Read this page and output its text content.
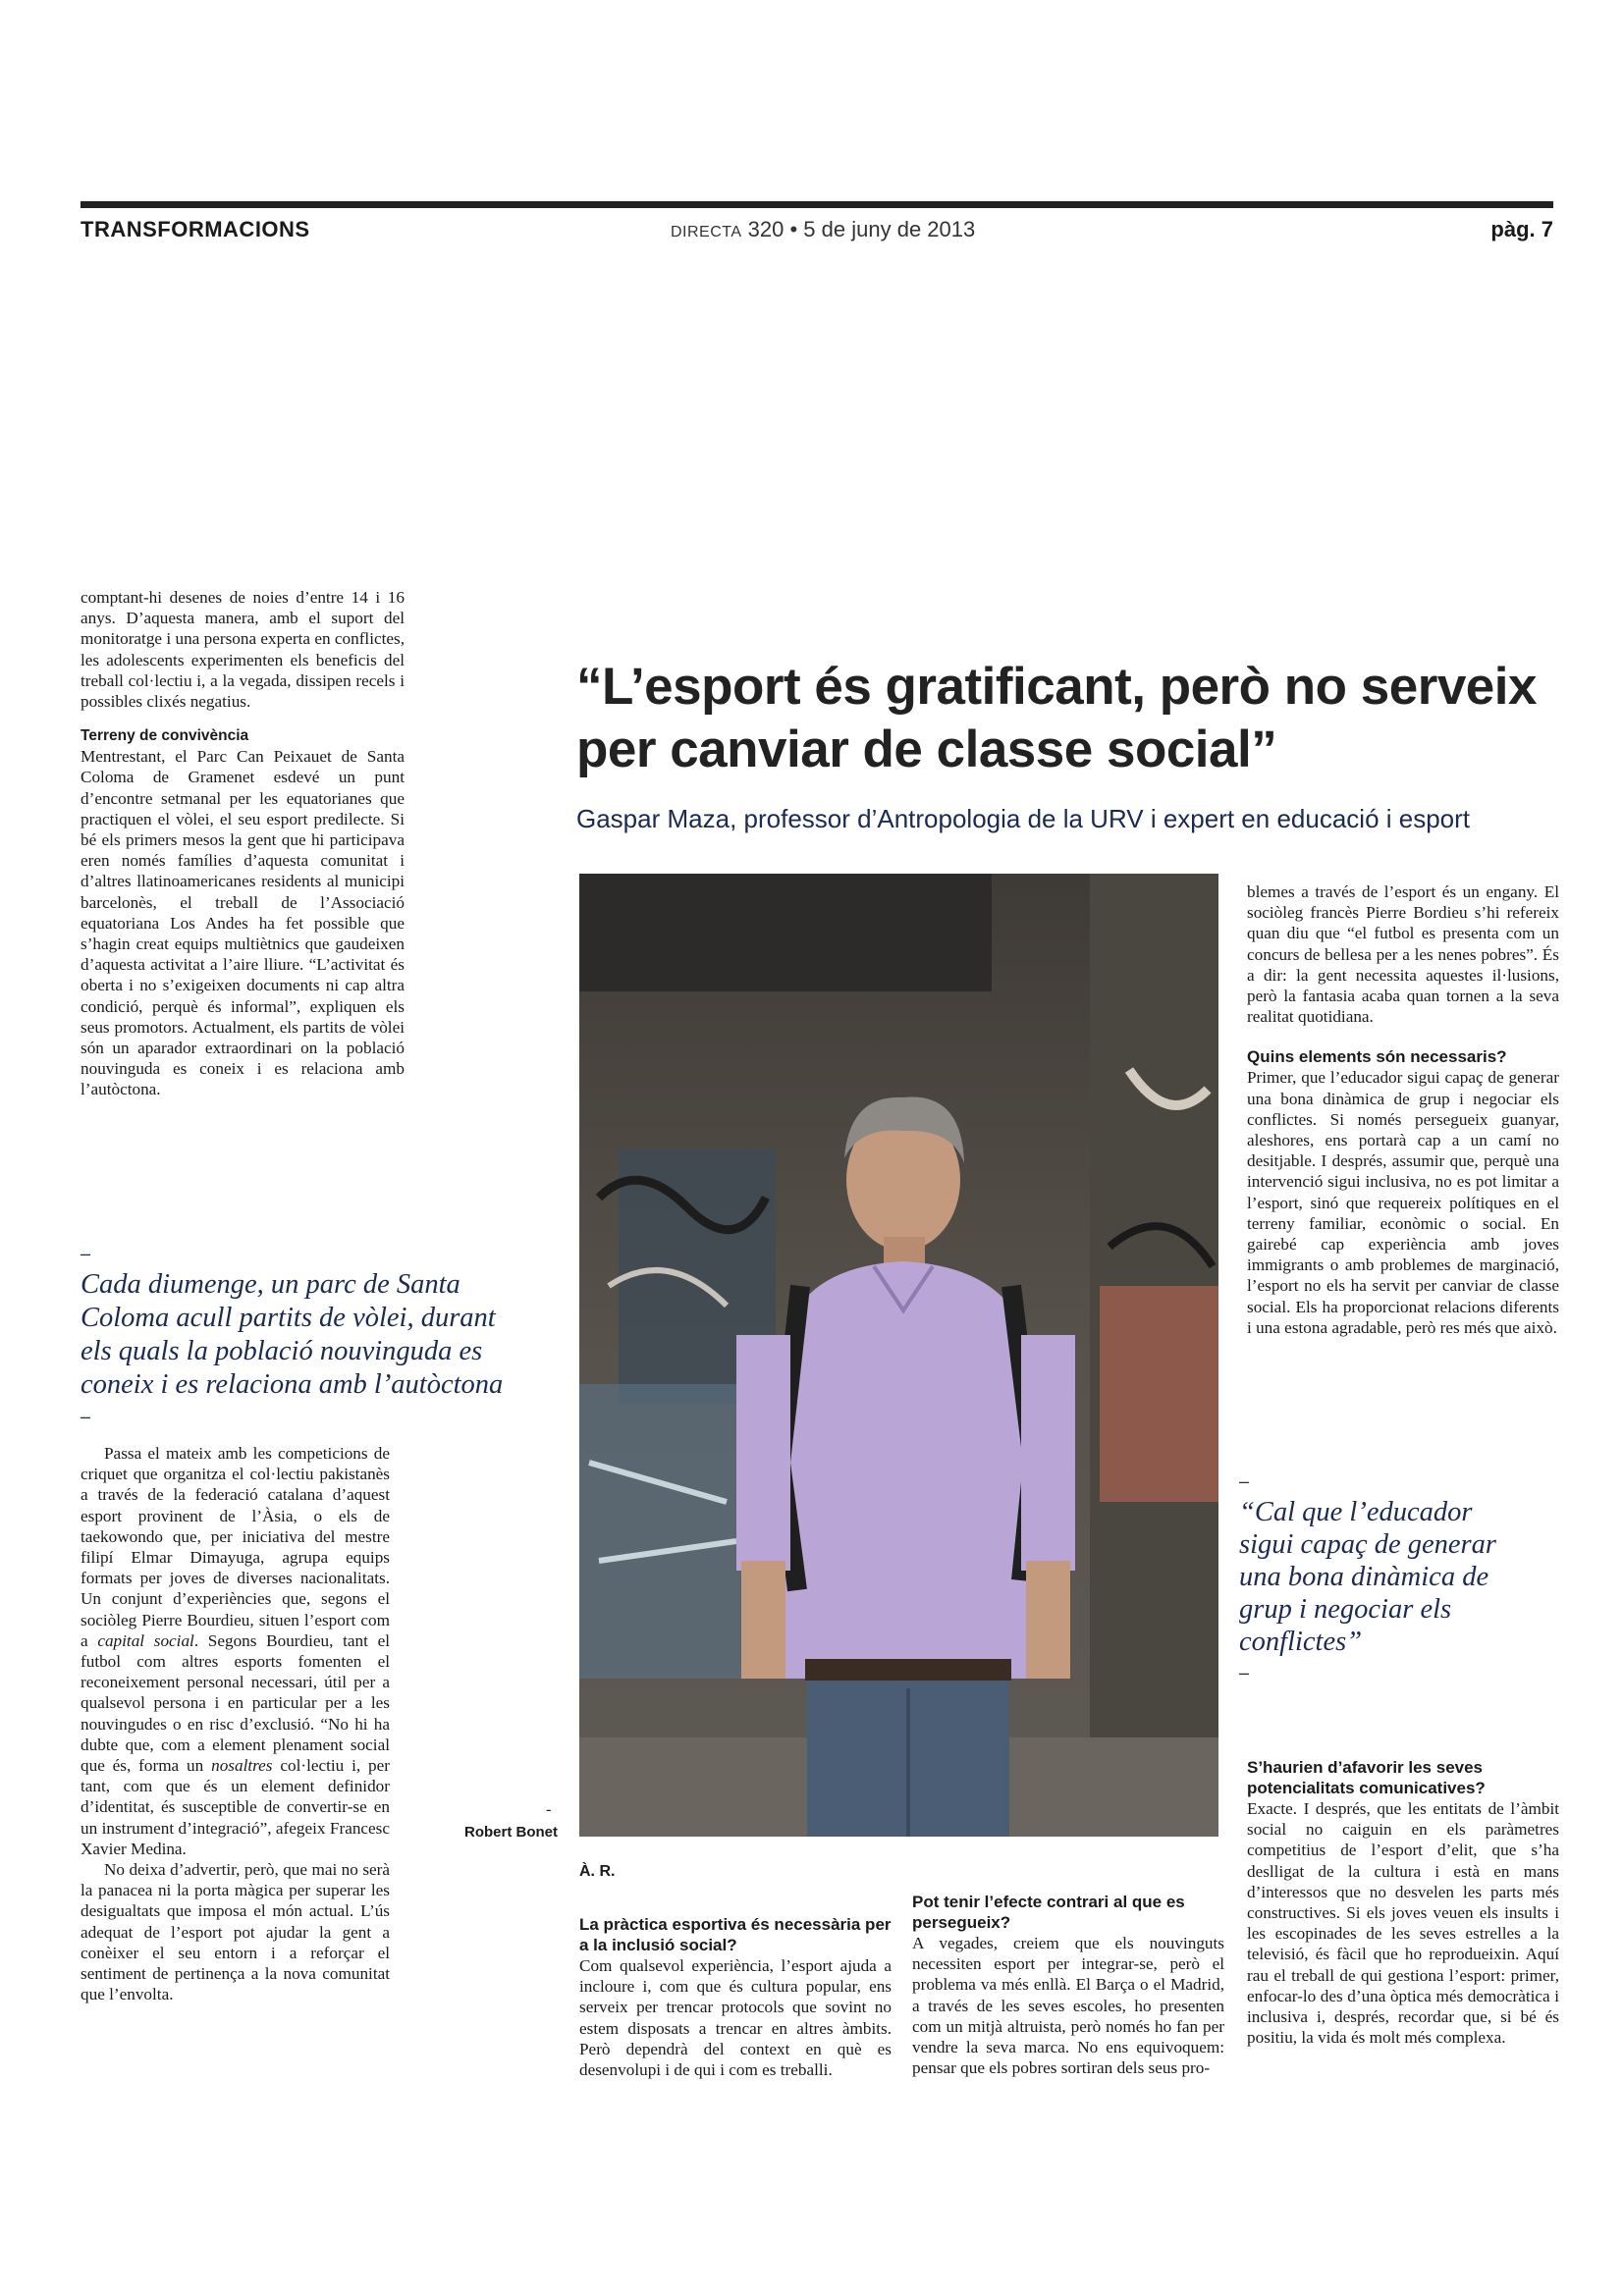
TRANSFORMACIONS	DIRECTA 320 • 5 de juny de 2013	pàg. 7

comptant-hi desenes de noies d’entre 14 i 16 anys. D’aquesta manera, amb el suport del monitoratge i una persona experta en conflictes, les adolescents experimenten els beneficis del treball col·lectiu i, a la vegada, dissipen recels i possibles clixés negatius.

Terreny de convivència

Mentrestant, el Parc Can Peixauet de Santa Coloma de Gramenet esdevé un punt d’encontre setmanal per les equatorianes que practiquen el vòlei, el seu esport predilecte. Si bé els primers mesos la gent que hi participava eren només famílies d’aquesta comunitat i d’altres llatinoamericanes residents al municipi barcelonès, el treball de l’Associació equatoriana Los Andes ha fet possible que s’hagin creat equips multiètnics que gaudeixen d’aquesta activitat a l’aire lliure. “L’activitat és oberta i no s’exigeixen documents ni cap altra condició, perquè és informal”, expliquen els seus promotors. Actualment, els partits de vòlei són un aparador extraordinari on la població nouvinguda es coneix i es relaciona amb l’autòctona.

–
Cada diumenge, un parc de Santa Coloma acull partits de vòlei, durant els quals la població nouvinguda es coneix i es relaciona amb l’autòctona
–

Passa el mateix amb les competicions de criquet que organitza el col·lectiu pakistanès a través de la federació catalana d’aquest esport provinent de l’Àsia, o els de taekowondo que, per iniciativa del mestre filipí Elmar Dimayuga, agrupa equips formats per joves de diverses nacionalitats. Un conjunt d’experiències que, segons el sociòleg Pierre Bourdieu, situen l’esport com a capital social. Segons Bourdieu, tant el futbol com altres esports fomenten el reconeixement personal necessari, útil per a qualsevol persona i en particular per a les nouvingudes o en risc d’exclusió. “No hi ha dubte que, com a element plenament social que és, forma un nosaltres col·lectiu i, per tant, com que és un element definidor d’identitat, és susceptible de convertir-se en un instrument d’integració”, afegeix Francesc Xavier Medina.

No deixa d’advertir, però, que mai no serà la panacea ni la porta màgica per superar les desigualtats que imposa el món actual. L’ús adequat de l’esport pot ajudar la gent a conèixer el seu entorn i a reforçar el sentiment de pertinença a la nova comunitat que l’envolta.

“L’esport és gratificant, però no serveix per canviar de classe social”
Gaspar Maza, professor d’Antropologia de la URV i expert en educació i esport
-
Robert Bonet
À. R.
La pràctica esportiva és necessària per a la inclusió social?

Com qualsevol experiència, l’esport ajuda a incloure i, com que és cultura popular, ens serveix per trencar protocols que sovint no estem disposats a trencar en altres àmbits. Però dependrà del context en què es desenvolupi i de qui i com es treballi.

Pot tenir l’efecte contrari al que es persegueix?

A vegades, creiem que els nouvinguts necessiten esport per integrar-se, però el problema va més enllà. El Barça o el Madrid, a través de les seves escoles, ho presenten com un mitjà altruista, però només ho fan per vendre la seva marca. No ens equivoquem: pensar que els pobres sortiran dels seus pro-

blemes a través de l’esport és un engany. El sociòleg francès Pierre Bordieu s’hi refereix quan diu que “el futbol es presenta com un concurs de bellesa per a les nenes pobres”. És a dir: la gent necessita aquestes il·lusions, però la fantasia acaba quan tornen a la seva realitat quotidiana.

Quins elements són necessaris?

Primer, que l’educador sigui capaç de generar una bona dinàmica de grup i negociar els conflictes. Si només persegueix guanyar, aleshores, ens portarà cap a un camí no desitjable. I després, assumir que, perquè una intervenció sigui inclusiva, no es pot limitar a l’esport, sinó que requereix polítiques en el terreny familiar, econòmic o social. En gairebé cap experiència amb joves immigrants o amb problemes de marginació, l’esport no els ha servit per canviar de classe social. Els ha proporcionat relacions diferents i una estona agradable, però res més que això.

–
“Cal que l’educador sigui capaç de generar una bona dinàmica de grup i negociar els conflictes”
–
S’haurien d’afavorir les seves potencialitats comunicatives?

Exacte. I després, que les entitats de l’àmbit social no caiguin en els paràmetres competitius de l’esport d’elit, que s’ha deslligat de la cultura i està en mans d’interessos que no desvelen les parts més constructives. Si els joves veuen els insults i les escopinades de les seves estrelles a la televisió, és fàcil que ho reprodueixin. Aquí rau el treball de qui gestiona l’esport: primer, enfocar-lo des d’una òptica més democràtica i inclusiva i, després, recordar que, si bé és positiu, la vida és molt més complexa.
